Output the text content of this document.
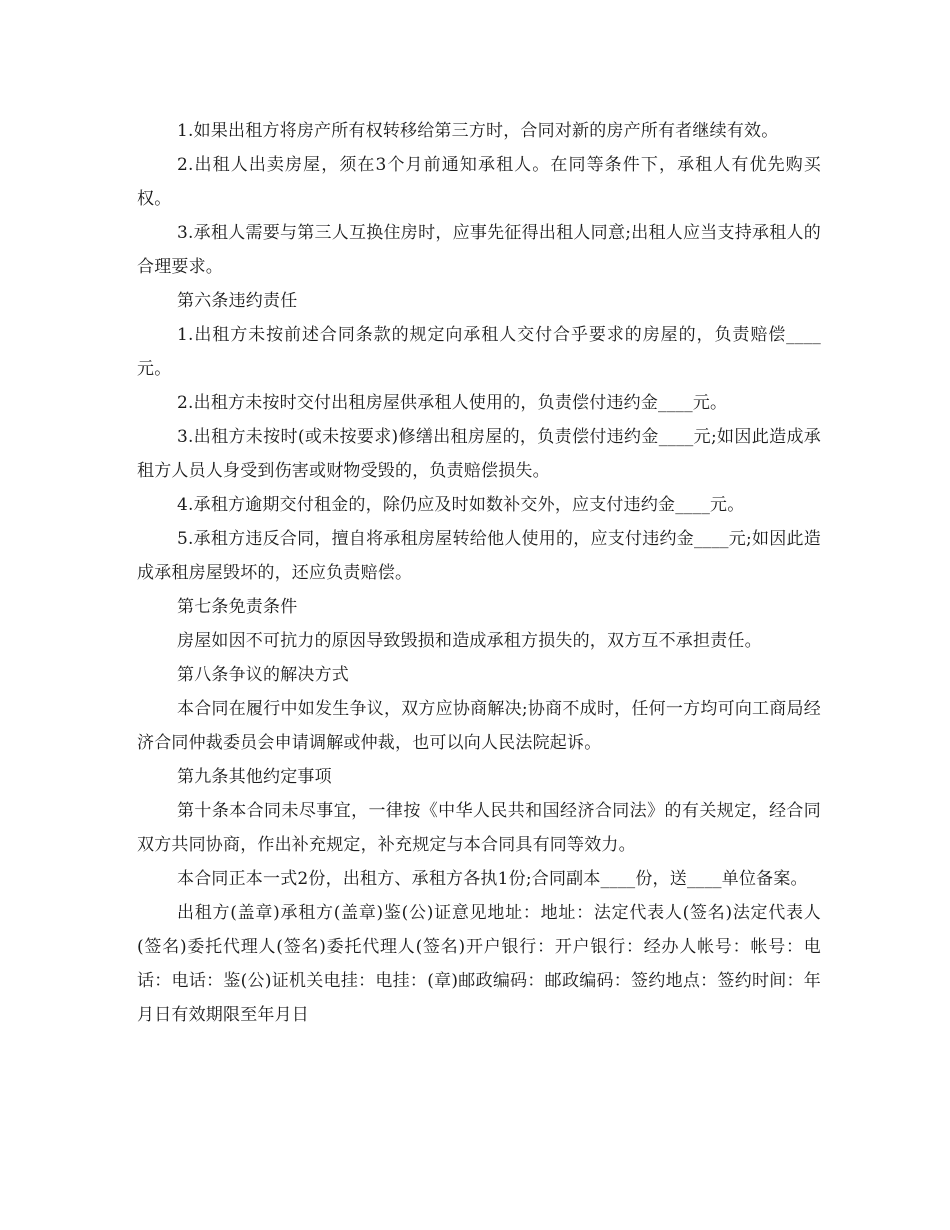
1.如果出租方将房产所有权转移给第三方时，合同对新的房产所有者继续有效。

2.出租人出卖房屋，须在3个月前通知承租人。在同等条件下，承租人有优先购买权。

3.承租人需要与第三人互换住房时，应事先征得出租人同意;出租人应当支持承租人的合理要求。

第六条违约责任

1.出租方未按前述合同条款的规定向承租人交付合乎要求的房屋的，负责赔偿____元。

2.出租方未按时交付出租房屋供承租人使用的，负责偿付违约金____元。

3.出租方未按时(或未按要求)修缮出租房屋的，负责偿付违约金____元;如因此造成承租方人员人身受到伤害或财物受毁的，负责赔偿损失。

4.承租方逾期交付租金的，除仍应及时如数补交外，应支付违约金____元。

5.承租方违反合同，擅自将承租房屋转给他人使用的，应支付违约金____元;如因此造成承租房屋毁坏的，还应负责赔偿。

第七条免责条件

房屋如因不可抗力的原因导致毁损和造成承租方损失的，双方互不承担责任。

第八条争议的解决方式

本合同在履行中如发生争议，双方应协商解决;协商不成时，任何一方均可向工商局经济合同仲裁委员会申请调解或仲裁，也可以向人民法院起诉。

第九条其他约定事项

第十条本合同未尽事宜，一律按《中华人民共和国经济合同法》的有关规定，经合同双方共同协商，作出补充规定，补充规定与本合同具有同等效力。

本合同正本一式2份，出租方、承租方各执1份;合同副本____份，送____单位备案。

出租方(盖章)承租方(盖章)鉴(公)证意见地址：地址：法定代表人(签名)法定代表人(签名)委托代理人(签名)委托代理人(签名)开户银行：开户银行：经办人帐号：帐号：电话：电话：鉴(公)证机关电挂：电挂：(章)邮政编码：邮政编码：签约地点：签约时间：年月日有效期限至年月日
